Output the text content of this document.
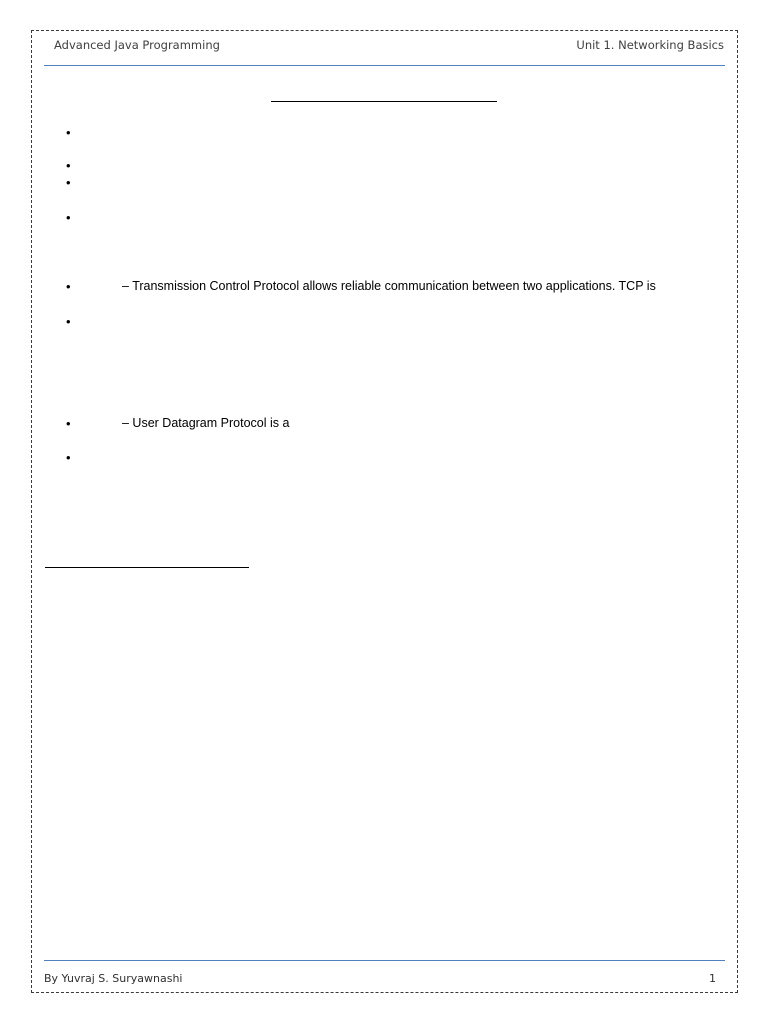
Advanced Java Programming	Unit 1. Networking Basics
•
•
•
•
•	– Transmission Control Protocol allows reliable communication between two applications. TCP is
•
•	– User Datagram Protocol is a
•
By Yuvraj S. Suryawnashi	1
